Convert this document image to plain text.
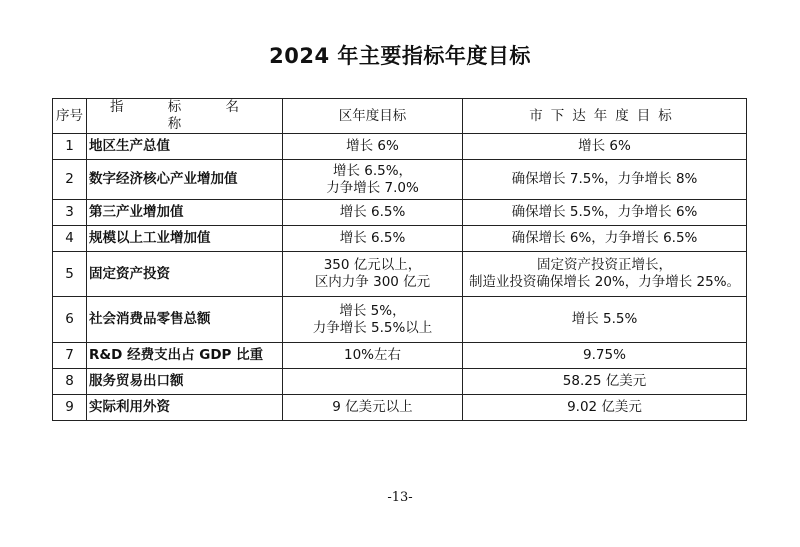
2024 年主要指标年度目标
序号	指 标 名 称	区年度目标	市下达年度目标
1	地区生产总值	增长 6%	增长 6%

2	数字经济核心产业增加值	增长 6.5%，
力争增长 7.0%	确保增长 7.5%，力争增长 8%

3	第三产业增加值	增长 6.5%	确保增长 5.5%，力争增长 6%

4	规模以上工业增加值	增长 6.5%	确保增长 6%，力争增长 6.5%

5	固定资产投资	350 亿元以上，
区内力争 300 亿元	固定资产投资正增长，
制造业投资确保增长 20%，力争增长 25%。

6	社会消费品零售总额	增长 5%，
力争增长 5.5%以上	增长 5.5%

7	R&D 经费支出占 GDP 比重	10%左右	9.75%

8	服务贸易出口额		58.25 亿美元

9	实际利用外资	9 亿美元以上	9.02 亿美元
-13-
